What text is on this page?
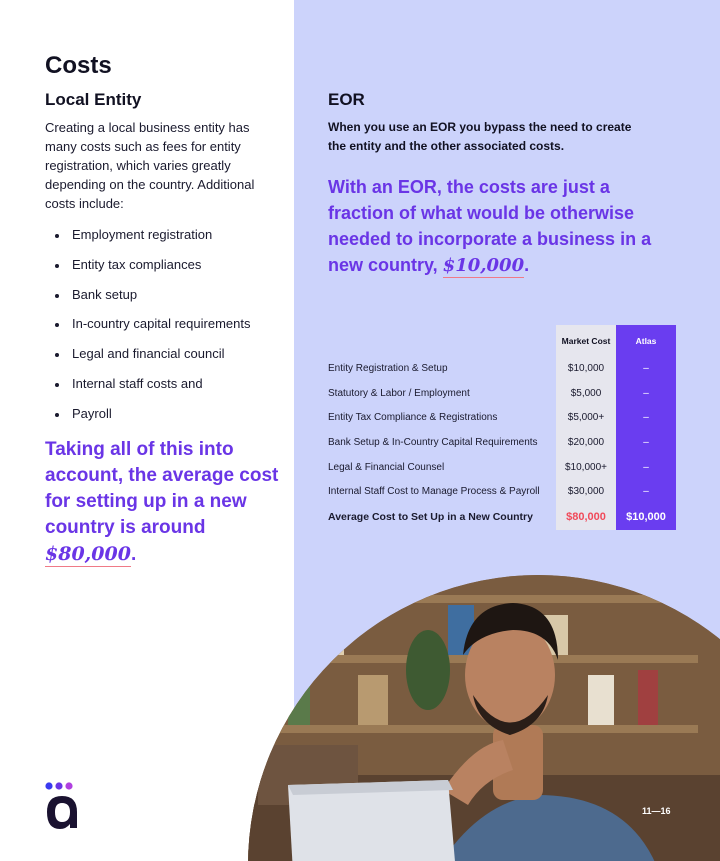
Costs
Local Entity

Creating a local business entity has many costs such as fees for entity registration, which varies greatly depending on the country. Additional costs include:

Employment registration
Entity tax compliances
Bank setup
In-country capital requirements
Legal and financial council
Internal staff costs and
Payroll

Taking all of this into account, the average cost for setting up in a new country is around $80,000.

EOR

When you use an EOR you bypass the need to create the entity and the other associated costs.

With an EOR, the costs are just a fraction of what would be otherwise needed to incorporate a business in a new country, $10,000.

	Market Cost	Atlas
Entity Registration & Setup	$10,000	–
Statutory & Labor / Employment	$5,000	–
Entity Tax Compliance & Registrations	$5,000+	–
Bank Setup & In-Country Capital Requirements	$20,000	–
Legal & Financial Counsel	$10,000+	–
Internal Staff Cost to Manage Process & Payroll	$30,000	–
Average Cost to Set Up in a New Country	$80,000	$10,000
11—16
